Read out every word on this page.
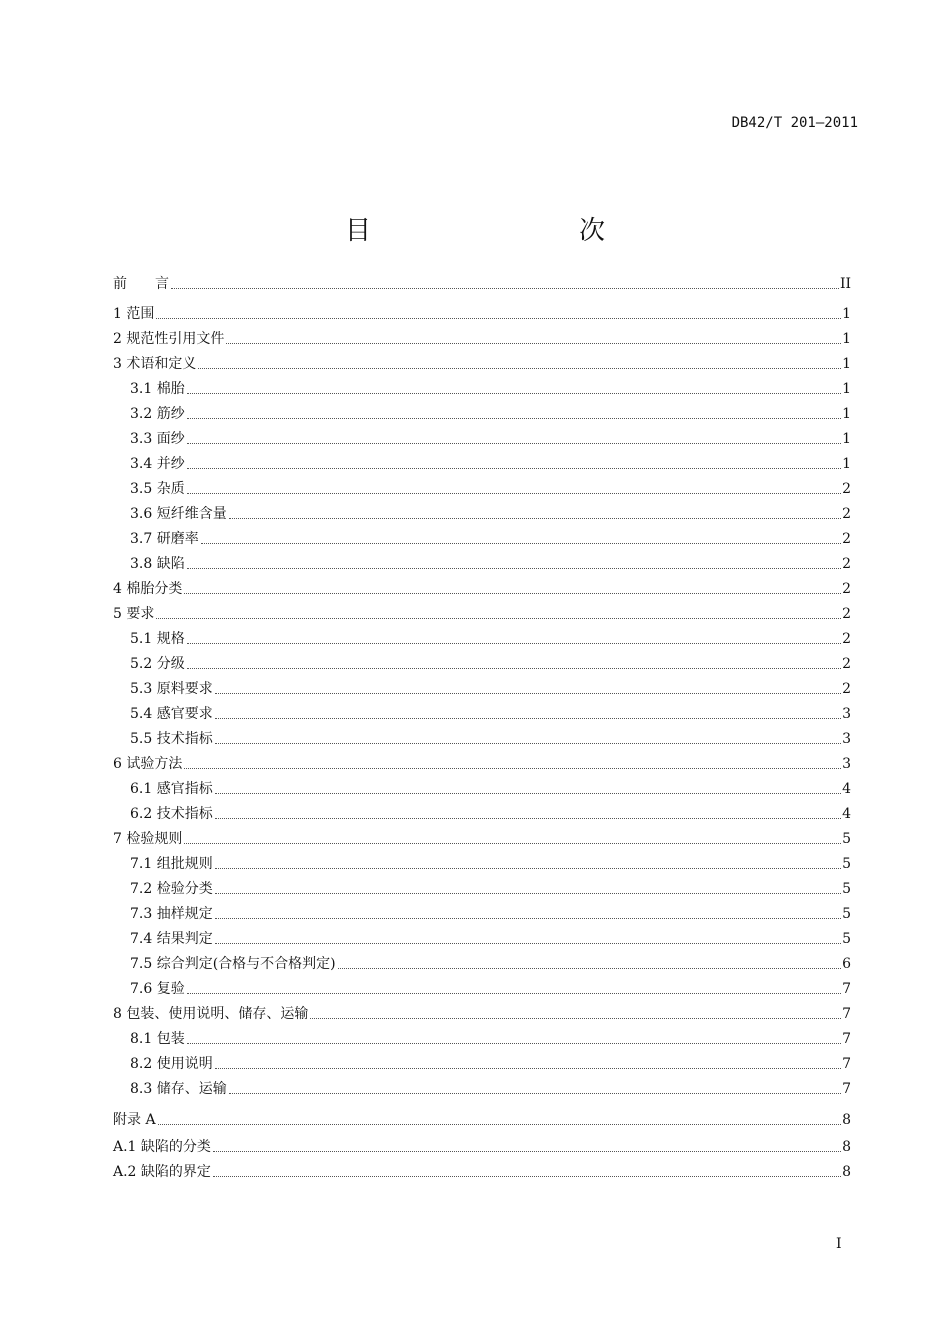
DB42/T 201—2011
目　　次
前　　言	II
1 范围	1
2 规范性引用文件	1
3 术语和定义	1
3.1 棉胎	1
3.2 筋纱	1
3.3 面纱	1
3.4 并纱	1
3.5 杂质	2
3.6 短纤维含量	2
3.7 研磨率	2
3.8 缺陷	2
4 棉胎分类	2
5 要求	2
5.1 规格	2
5.2 分级	2
5.3 原料要求	2
5.4 感官要求	3
5.5 技术指标	3
6 试验方法	3
6.1 感官指标	4
6.2 技术指标	4
7 检验规则	5
7.1 组批规则	5
7.2 检验分类	5
7.3 抽样规定	5
7.4 结果判定	5
7.5 综合判定(合格与不合格判定)	6
7.6 复验	7
8 包装、使用说明、储存、运输	7
8.1 包装	7
8.2 使用说明	7
8.3 储存、运输	7
附录 A	8
A.1 缺陷的分类	8
A.2 缺陷的界定	8
I
